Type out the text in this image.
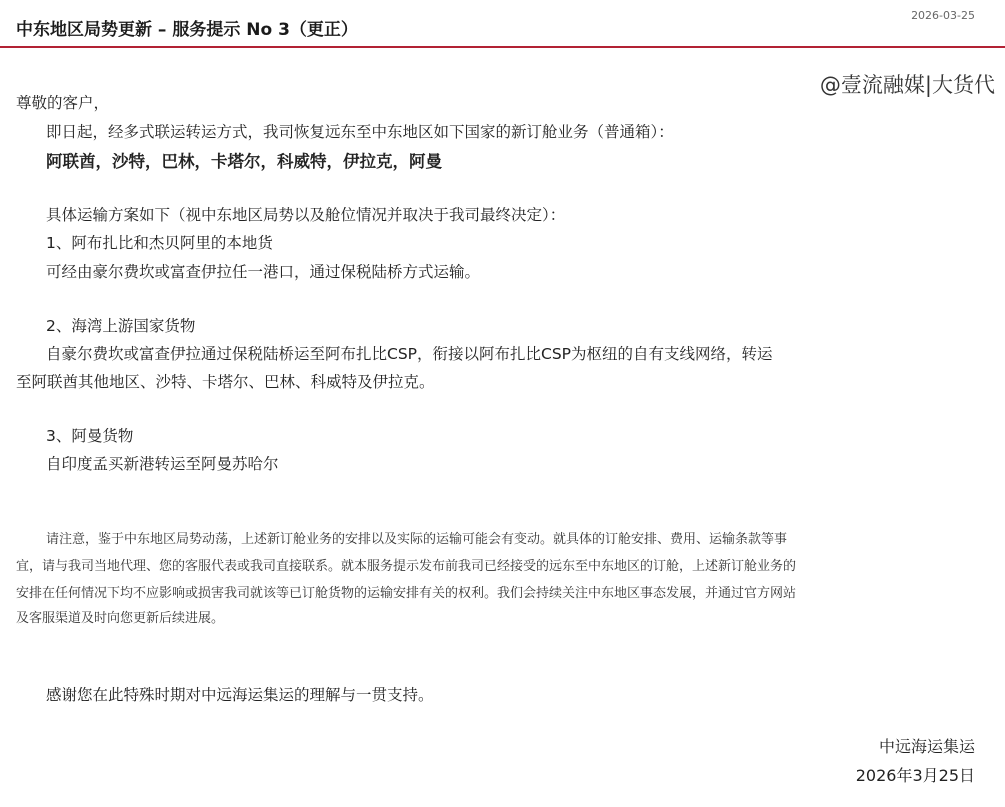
中东地区局势更新 – 服务提示 No 3（更正）
2026-03-25
@壹流融媒|大货代
尊敬的客户，
即日起，经多式联运转运方式，我司恢复远东至中东地区如下国家的新订舱业务（普通箱）：
阿联酋，沙特，巴林，卡塔尔，科威特，伊拉克，阿曼
具体运输方案如下（视中东地区局势以及舱位情况并取决于我司最终决定）：
1、阿布扎比和杰贝阿里的本地货
可经由豪尔费坎或富查伊拉任一港口，通过保税陆桥方式运输。
2、海湾上游国家货物
自豪尔费坎或富查伊拉通过保税陆桥运至阿布扎比CSP，衔接以阿布扎比CSP为枢纽的自有支线网络，转运
至阿联酋其他地区、沙特、卡塔尔、巴林、科威特及伊拉克。
3、阿曼货物
自印度孟买新港转运至阿曼苏哈尔
请注意，鉴于中东地区局势动荡，上述新订舱业务的安排以及实际的运输可能会有变动。就具体的订舱安排、费用、运输条款等事
宜，请与我司当地代理、您的客服代表或我司直接联系。就本服务提示发布前我司已经接受的远东至中东地区的订舱，上述新订舱业务的
安排在任何情况下均不应影响或损害我司就该等已订舱货物的运输安排有关的权利。我们会持续关注中东地区事态发展，并通过官方网站
及客服渠道及时向您更新后续进展。
感谢您在此特殊时期对中远海运集运的理解与一贯支持。
中远海运集运
2026年3月25日
